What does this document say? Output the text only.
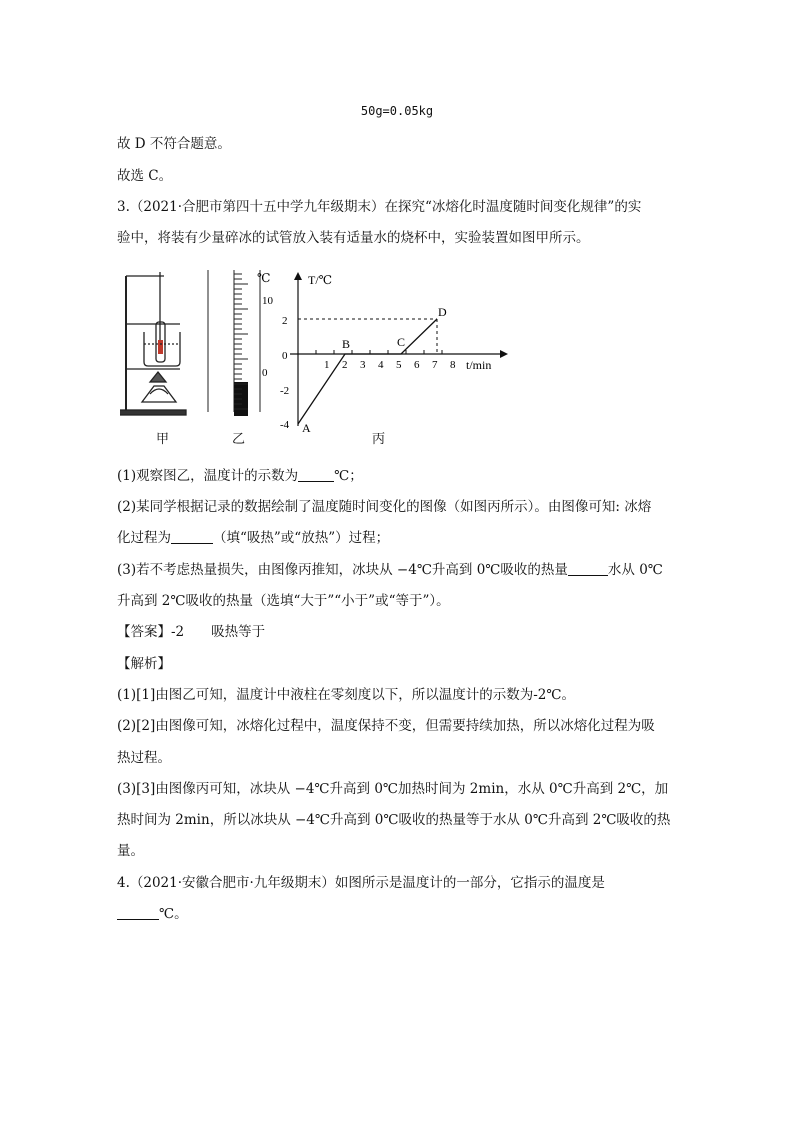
50g=0.05kg
故 D 不符合题意。
故选 C。
3.（2021·合肥市第四十五中学九年级期末）在探究“冰熔化时温度随时间变化规律”的实
验中，将装有少量碎冰的试管放入装有适量水的烧杯中，实验装置如图甲所示。
℃
10
0
T/℃
t/min
2
0
-2
-4
1 2 3 4 5 6 7 8
A
B	C
D
甲	乙	丙
(1)观察图乙，温度计的示数为	℃；
(2)某同学根据记录的数据绘制了温度随时间变化的图像（如图丙所示）。由图像可知: 冰熔
化过程为	（填“吸热”或“放热”）过程；
(3)若不考虑热量损失，由图像丙推知，冰块从 −4℃升高到 0℃吸收的热量	水从 0℃
升高到 2℃吸收的热量（选填“大于”“小于”或“等于”）。
【答案】-2　　吸热等于
【解析】
(1)[1]由图乙可知，温度计中液柱在零刻度以下，所以温度计的示数为-2℃。
(2)[2]由图像可知，冰熔化过程中，温度保持不变，但需要持续加热，所以冰熔化过程为吸
热过程。
(3)[3]由图像丙可知，冰块从 −4℃升高到 0℃加热时间为 2min，水从 0℃升高到 2℃，加
热时间为 2min，所以冰块从 −4℃升高到 0℃吸收的热量等于水从 0℃升高到 2℃吸收的热
量。
4.（2021·安徽合肥市·九年级期末）如图所示是温度计的一部分，它指示的温度是
℃。
